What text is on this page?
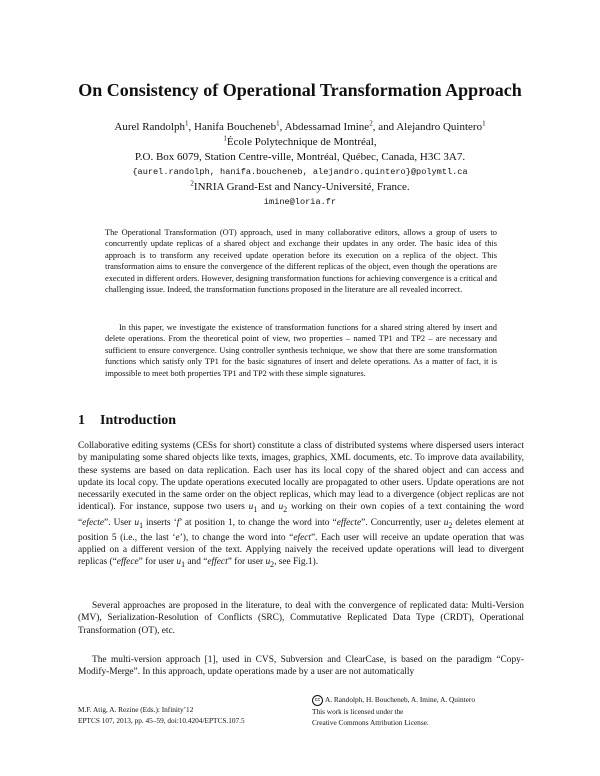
On Consistency of Operational Transformation Approach
Aurel Randolph$^1$, Hanifa Boucheneb$^1$, Abdessamad Imine$^2$, and Alejandro Quintero$^1$
$^1$École Polytechnique de Montréal,
P.O. Box 6079, Station Centre-ville, Montréal, Québec, Canada, H3C 3A7.
{aurel.randolph, hanifa.boucheneb, alejandro.quintero}@polymtl.ca
$^2$INRIA Grand-Est and Nancy-Université, France.
imine@loria.fr

The Operational Transformation (OT) approach, used in many collaborative editors, allows a group of users to concurrently update replicas of a shared object and exchange their updates in any order. The basic idea of this approach is to transform any received update operation before its execution on a replica of the object. This transformation aims to ensure the convergence of the different replicas of the object, even though the operations are executed in different orders. However, designing transformation functions for achieving convergence is a critical and challenging issue. Indeed, the transformation functions proposed in the literature are all revealed incorrect.

In this paper, we investigate the existence of transformation functions for a shared string altered by insert and delete operations. From the theoretical point of view, two properties – named TP1 and TP2 – are necessary and sufficient to ensure convergence. Using controller synthesis technique, we show that there are some transformation functions which satisfy only TP1 for the basic signatures of insert and delete operations. As a matter of fact, it is impossible to meet both properties TP1 and TP2 with these simple signatures.

1 Introduction

Collaborative editing systems (CESs for short) constitute a class of distributed systems where dispersed users interact by manipulating some shared objects like texts, images, graphics, XML documents, etc. To improve data availability, these systems are based on data replication. Each user has its local copy of the shared object and can access and update its local copy. The update operations executed locally are propagated to other users. Update operations are not necessarily executed in the same order on the object replicas, which may lead to a divergence (object replicas are not identical). For instance, suppose two users $u_1$ and $u_2$ working on their own copies of a text containing the word “efecte”. User $u_1$ inserts ‘f’ at position 1, to change the word into “effecte”. Concurrently, user $u_2$ deletes element at position 5 (i.e., the last ‘e’), to change the word into “efect”. Each user will receive an update operation that was applied on a different version of the text. Applying naively the received update operations will lead to divergent replicas (“effece” for user $u_1$ and “effect” for user $u_2$, see Fig.1).

Several approaches are proposed in the literature, to deal with the convergence of replicated data: Multi-Version (MV), Serialization-Resolution of Conflicts (SRC), Commutative Replicated Data Type (CRDT), Operational Transformation (OT), etc.

The multi-version approach [1], used in CVS, Subversion and ClearCase, is based on the paradigm “Copy-Modify-Merge”. In this approach, update operations made by a user are not automatically

M.F. Atig, A. Rezine (Eds.): Infinity’12
EPTCS 107, 2013, pp. 45–59, doi:10.4204/EPTCS.107.5
cc A. Randolph, H. Boucheneb, A. Imine, A. Quintero
This work is licensed under the
Creative Commons Attribution License.
